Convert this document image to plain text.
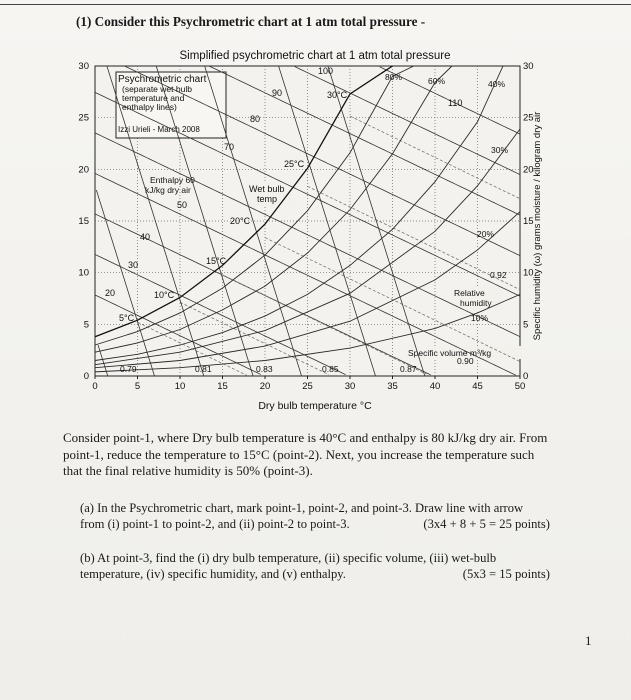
(1) Consider this Psychrometric chart at 1 atm total pressure -
Simplified psychrometric chart at 1 atm total pressure
Psychrometric chart
(separate wet bulb
temperature and
enthalpy lines)
Izzi Urieli - March 2008
Dry bulb temperature °C
Specific humidity (ω) grams moisture / kilogram dry air
Enthalpy 60
kJ/kg dry air	Wet bulb
temp
Relative
humidity
Specific volume m³/kg
0	5	10	15	20	25	30	35	40	45	50
0
5
10
15
20
25
30
0
5
10
15
20
25
30
20
30
40
50
70
80
90
100
110
5°C
10°C
15°C
20°C
25°C
30°C
80%	60%	40%
30%
20%
10%
0.79	0.81	0.83	0.85	0.87
0.90
0.92
Consider point-1, where Dry bulb temperature is 40°C and enthalpy is 80 kJ/kg dry air. From point-1, reduce the temperature to 15°C (point-2). Next, you increase the temperature such that the final relative humidity is 50% (point-3).
(a) In the Psychrometric chart, mark point-1, point-2, and point-3. Draw line with arrow
from (i) point-1 to point-2, and (ii) point-2 to point-3.	(3x4 + 8 + 5 = 25 points)
(b) At point-3, find the (i) dry bulb temperature, (ii) specific volume, (iii) wet-bulb
temperature, (iv) specific humidity, and (v) enthalpy.	(5x3 = 15 points)
1
